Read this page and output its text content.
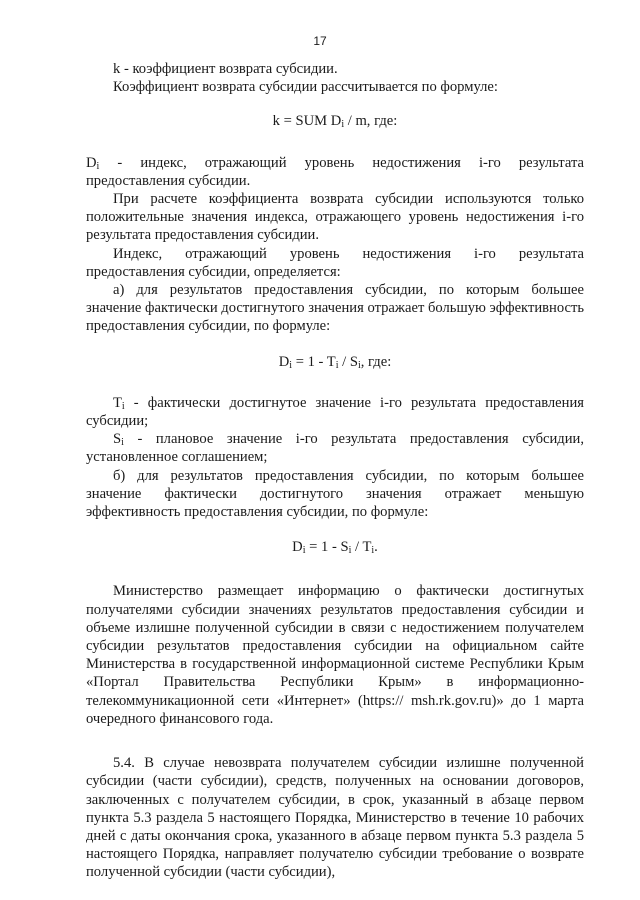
17

k - коэффициент возврата субсидии.

Коэффициент возврата субсидии рассчитывается по формуле:

k = SUM $D_i$ / m, где:

$D_i$ - индекс, отражающий уровень недостижения i-го результата предоставления субсидии.

При расчете коэффициента возврата субсидии используются только положительные значения индекса, отражающего уровень недостижения i-го результата предоставления субсидии.

Индекс, отражающий уровень недостижения i-го результата предоставления субсидии, определяется:

а) для результатов предоставления субсидии, по которым большее значение фактически достигнутого значения отражает большую эффективность предоставления субсидии, по формуле:

$D_i = 1 - T_i / S_i$, где:

$T_i$ - фактически достигнутое значение i-го результата предоставления субсидии;

$S_i$ - плановое значение i-го результата предоставления субсидии, установленное соглашением;

б) для результатов предоставления субсидии, по которым большее значение фактически достигнутого значения отражает меньшую эффективность предоставления субсидии, по формуле:

$D_i = 1 - S_i / T_i$.

Министерство размещает информацию о фактически достигнутых получателями субсидии значениях результатов предоставления субсидии и объеме излишне полученной субсидии в связи с недостижением получателем субсидии результатов предоставления субсидии на официальном сайте Министерства в государственной информационной системе Республики Крым «Портал Правительства Республики Крым» в информационно-телекоммуникационной сети «Интернет» (https:// msh.rk.gov.ru)» до 1 марта очередного финансового года.

5.4. В случае невозврата получателем субсидии излишне полученной субсидии (части субсидии), средств, полученных на основании договоров, заключенных с получателем субсидии, в срок, указанный в абзаце первом пункта 5.3 раздела 5 настоящего Порядка, Министерство в течение 10 рабочих дней с даты окончания срока, указанного в абзаце первом пункта 5.3 раздела 5 настоящего Порядка, направляет получателю субсидии требование о возврате полученной субсидии (части субсидии),
